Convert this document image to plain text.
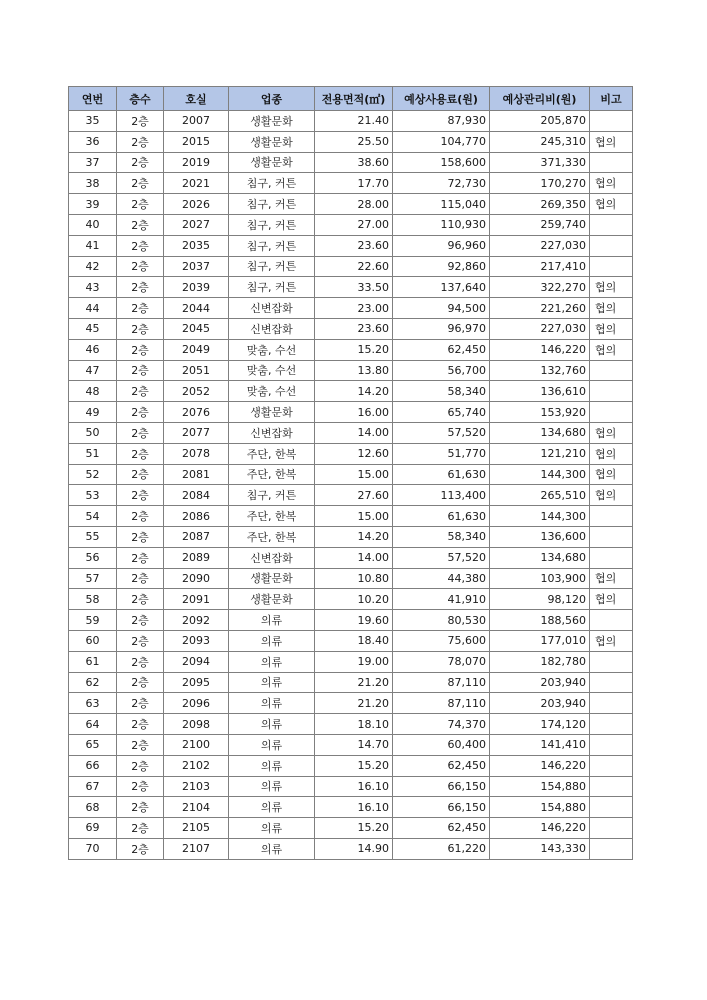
연번	층수	호실	업종	전용면적(㎡)	예상사용료(원)	예상관리비(원)	비고
35	2층	2007	생활문화	21.40	87,930	205,870	
36	2층	2015	생활문화	25.50	104,770	245,310	협의
37	2층	2019	생활문화	38.60	158,600	371,330	
38	2층	2021	침구, 커튼	17.70	72,730	170,270	협의
39	2층	2026	침구, 커튼	28.00	115,040	269,350	협의
40	2층	2027	침구, 커튼	27.00	110,930	259,740	
41	2층	2035	침구, 커튼	23.60	96,960	227,030	
42	2층	2037	침구, 커튼	22.60	92,860	217,410	
43	2층	2039	침구, 커튼	33.50	137,640	322,270	협의
44	2층	2044	신변잡화	23.00	94,500	221,260	협의
45	2층	2045	신변잡화	23.60	96,970	227,030	협의
46	2층	2049	맞춤, 수선	15.20	62,450	146,220	협의
47	2층	2051	맞춤, 수선	13.80	56,700	132,760	
48	2층	2052	맞춤, 수선	14.20	58,340	136,610	
49	2층	2076	생활문화	16.00	65,740	153,920	
50	2층	2077	신변잡화	14.00	57,520	134,680	협의
51	2층	2078	주단, 한복	12.60	51,770	121,210	협의
52	2층	2081	주단, 한복	15.00	61,630	144,300	협의
53	2층	2084	침구, 커튼	27.60	113,400	265,510	협의
54	2층	2086	주단, 한복	15.00	61,630	144,300	
55	2층	2087	주단, 한복	14.20	58,340	136,600	
56	2층	2089	신변잡화	14.00	57,520	134,680	
57	2층	2090	생활문화	10.80	44,380	103,900	협의
58	2층	2091	생활문화	10.20	41,910	98,120	협의
59	2층	2092	의류	19.60	80,530	188,560	
60	2층	2093	의류	18.40	75,600	177,010	협의
61	2층	2094	의류	19.00	78,070	182,780	
62	2층	2095	의류	21.20	87,110	203,940	
63	2층	2096	의류	21.20	87,110	203,940	
64	2층	2098	의류	18.10	74,370	174,120	
65	2층	2100	의류	14.70	60,400	141,410	
66	2층	2102	의류	15.20	62,450	146,220	
67	2층	2103	의류	16.10	66,150	154,880	
68	2층	2104	의류	16.10	66,150	154,880	
69	2층	2105	의류	15.20	62,450	146,220	
70	2층	2107	의류	14.90	61,220	143,330	
